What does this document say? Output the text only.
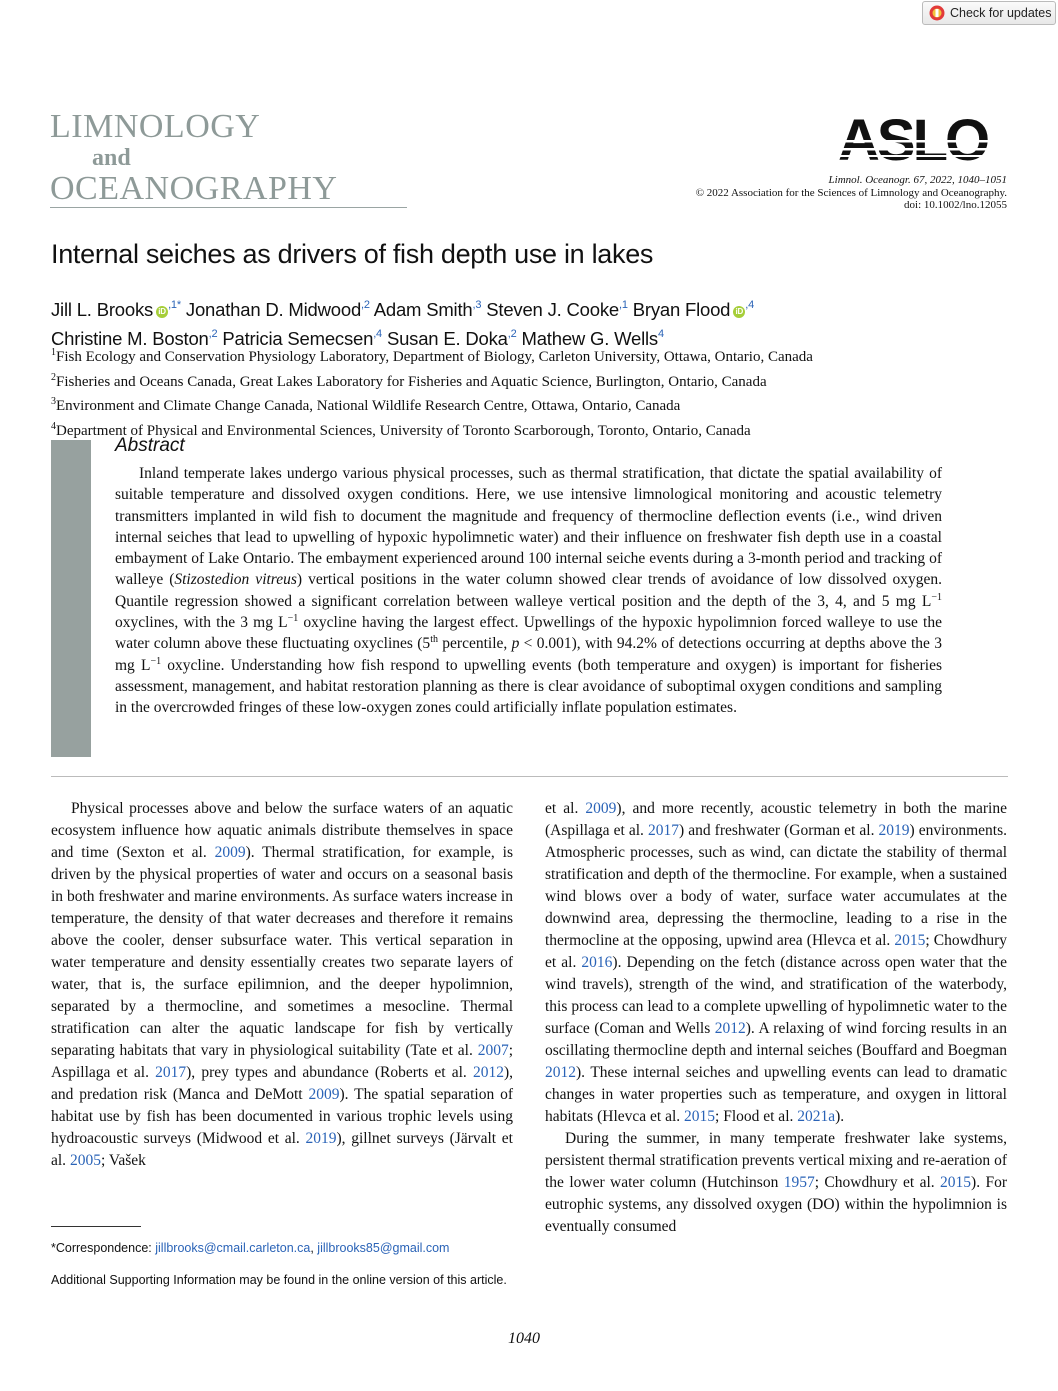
Check for updates
LIMNOLOGY
and
OCEANOGRAPHY	Limnol. Oceanogr. 67, 2022, 1040–1051
© 2022 Association for the Sciences of Limnology and Oceanography.
doi: 10.1002/lno.12055
Internal seiches as drivers of fish depth use in lakes
Jill L. Brooks $iD^{,1*}$ Jonathan D. Midwood$^{,2}$ Adam Smith$^{,3}$ Steven J. Cooke$^{,1}$ Bryan Flood $iD^{,4}$
Christine M. Boston$^{,2}$ Patricia Semecsen$^{,4}$ Susan E. Doka$^{,2}$ Mathew G. Wells$^4$
$^1$Fish Ecology and Conservation Physiology Laboratory, Department of Biology, Carleton University, Ottawa, Ontario, Canada
$^2$Fisheries and Oceans Canada, Great Lakes Laboratory for Fisheries and Aquatic Science, Burlington, Ontario, Canada
$^3$Environment and Climate Change Canada, National Wildlife Research Centre, Ottawa, Ontario, Canada
$^4$Department of Physical and Environmental Sciences, University of Toronto Scarborough, Toronto, Ontario, Canada
Abstract

Inland temperate lakes undergo various physical processes, such as thermal stratification, that dictate the spatial availability of suitable temperature and dissolved oxygen conditions. Here, we use intensive limnological monitoring and acoustic telemetry transmitters implanted in wild fish to document the magnitude and frequency of thermocline deflection events (i.e., wind driven internal seiches that lead to upwelling of hypoxic hypolimnetic water) and their influence on freshwater fish depth use in a coastal embayment of Lake Ontario. The embayment experienced around 100 internal seiche events during a 3-month period and tracking of walleye (Stizostedion vitreus) vertical positions in the water column showed clear trends of avoidance of low dissolved oxygen. Quantile regression showed a significant correlation between walleye vertical position and the depth of the 3, 4, and 5 mg $L^{-1}$ oxyclines, with the 3 mg $L^{-1}$ oxycline having the largest effect. Upwellings of the hypoxic hypolimnion forced walleye to use the water column above these fluctuating oxyclines (5th percentile, p < 0.001), with 94.2% of detections occurring at depths above the 3 mg $L^{-1}$ oxycline. Understanding how fish respond to upwelling events (both temperature and oxygen) is important for fisheries assessment, management, and habitat restoration planning as there is clear avoidance of suboptimal oxygen conditions and sampling in the overcrowded fringes of these low-oxygen zones could artificially inflate population estimates.

Physical processes above and below the surface waters of an aquatic ecosystem influence how aquatic animals distribute themselves in space and time (Sexton et al. 2009). Thermal stratification, for example, is driven by the physical properties of water and occurs on a seasonal basis in both freshwater and marine environments. As surface waters increase in temperature, the density of that water decreases and therefore it remains above the cooler, denser subsurface water. This vertical separation in water temperature and density essentially creates two separate layers of water, that is, the surface epilimnion, and the deeper hypolimnion, separated by a thermocline, and sometimes a mesocline. Thermal stratification can alter the aquatic landscape for fish by vertically separating habitats that vary in physiological suitability (Tate et al. 2007; Aspillaga et al. 2017), prey types and abundance (Roberts et al. 2012), and predation risk (Manca and DeMott 2009). The spatial separation of habitat use by fish has been documented in various trophic levels using hydroacoustic surveys (Midwood et al. 2019), gillnet surveys (Järvalt et al. 2005; Vašek

et al. 2009), and more recently, acoustic telemetry in both the marine (Aspillaga et al. 2017) and freshwater (Gorman et al. 2019) environments. Atmospheric processes, such as wind, can dictate the stability of thermal stratification and depth of the thermocline. For example, when a sustained wind blows over a body of water, surface water accumulates at the downwind area, depressing the thermocline, leading to a rise in the thermocline at the opposing, upwind area (Hlevca et al. 2015; Chowdhury et al. 2016). Depending on the fetch (distance across open water that the wind travels), strength of the wind, and stratification of the waterbody, this process can lead to a complete upwelling of hypolimnetic water to the surface (Coman and Wells 2012). A relaxing of wind forcing results in an oscillating thermocline depth and internal seiches (Bouffard and Boegman 2012). These internal seiches and upwelling events can lead to dramatic changes in water properties such as temperature, and oxygen in littoral habitats (Hlevca et al. 2015; Flood et al. 2021a).

During the summer, in many temperate freshwater lake systems, persistent thermal stratification prevents vertical mixing and re-aeration of the lower water column (Hutchinson 1957; Chowdhury et al. 2015). For eutrophic systems, any dissolved oxygen (DO) within the hypolimnion is eventually consumed

*Correspondence: jillbrooks@cmail.carleton.ca, jillbrooks85@gmail.com
Additional Supporting Information may be found in the online version of this article.
1040
